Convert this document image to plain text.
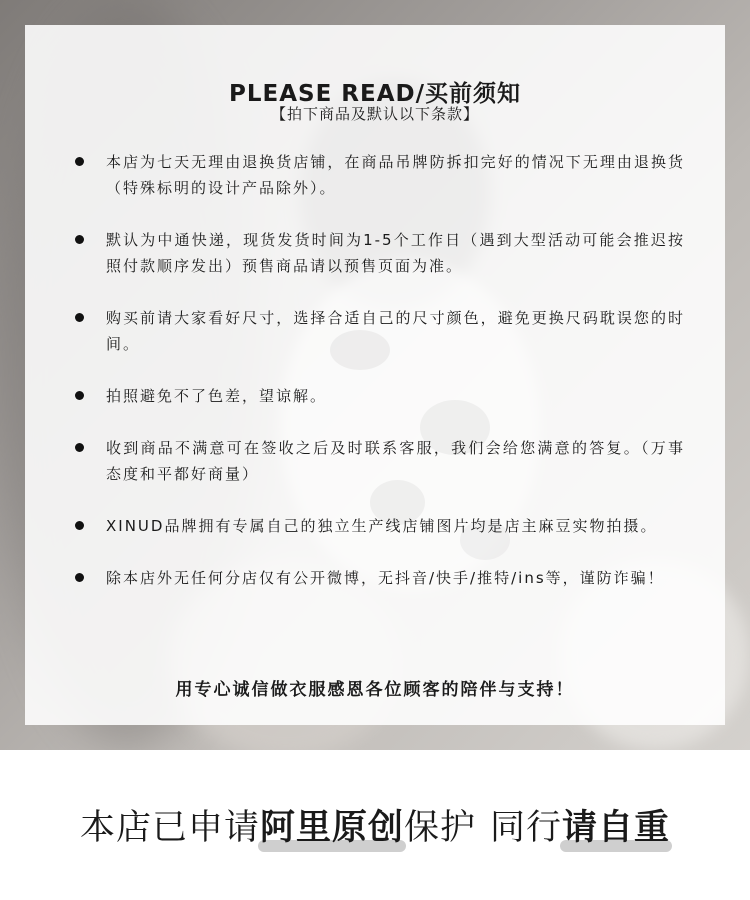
PLEASE READ/买前须知
【拍下商品及默认以下条款】
本店为七天无理由退换货店铺，在商品吊牌防拆扣完好的情况下无理由退换货（特殊标明的设计产品除外）。
默认为中通快递，现货发货时间为1-5个工作日（遇到大型活动可能会推迟按照付款顺序发出）预售商品请以预售页面为准。
购买前请大家看好尺寸，选择合适自己的尺寸颜色，避免更换尺码耽误您的时间。
拍照避免不了色差，望谅解。
收到商品不满意可在签收之后及时联系客服，我们会给您满意的答复。（万事态度和平都好商量）
XINUD品牌拥有专属自己的独立生产线店铺图片均是店主麻豆实物拍摄。
除本店外无任何分店仅有公开微博，无抖音/快手/推特/ins等，谨防诈骗！
用专心诚信做衣服感恩各位顾客的陪伴与支持！
本店已申请阿里原创保护 同行请自重
